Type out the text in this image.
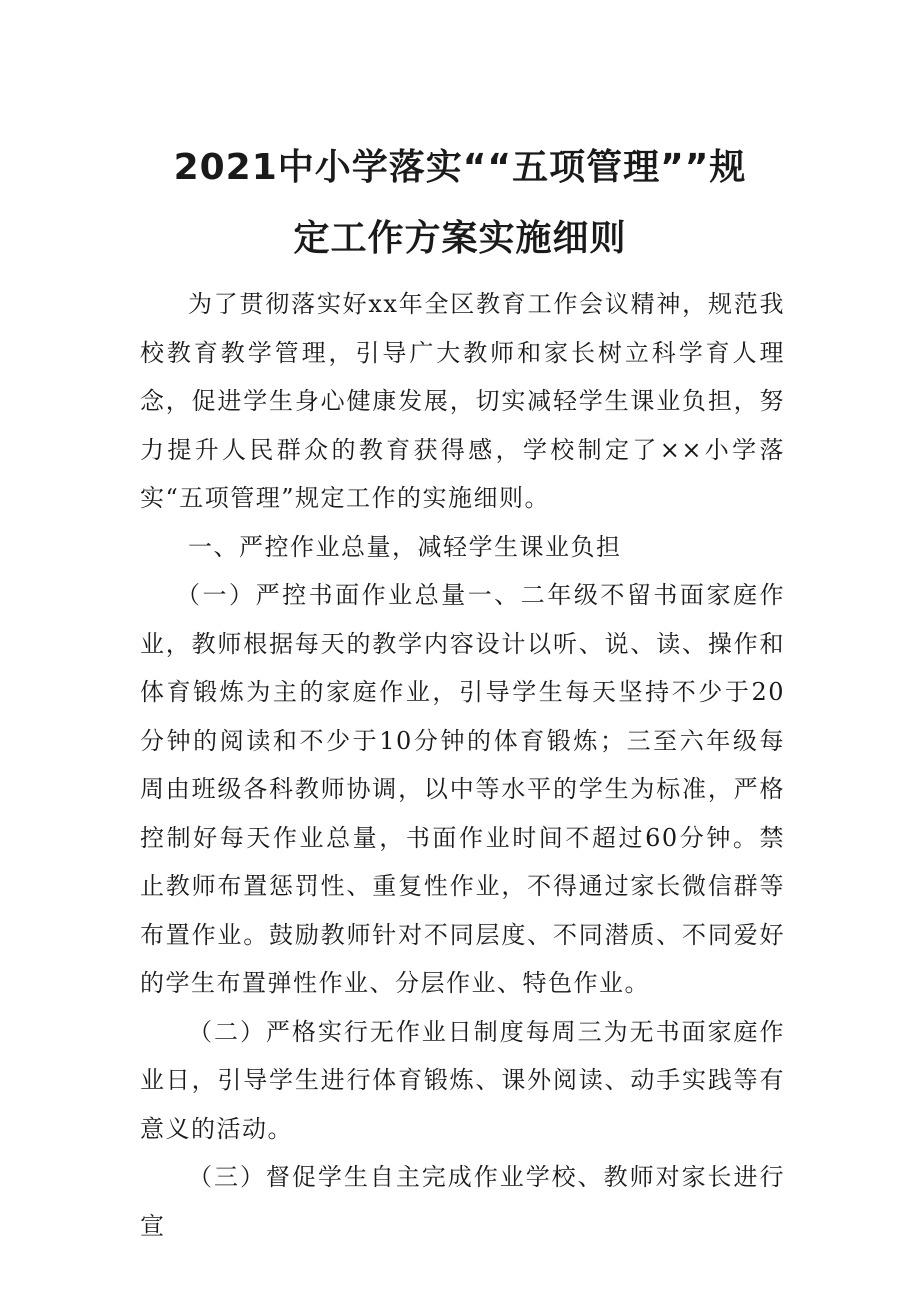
2021中小学落实““五项管理””规
定工作方案实施细则

为了贯彻落实好xx年全区教育工作会议精神，规范我校教育教学管理，引导广大教师和家长树立科学育人理念，促进学生身心健康发展，切实减轻学生课业负担，努力提升人民群众的教育获得感，学校制定了××小学落实“五项管理”规定工作的实施细则。

一、严控作业总量，减轻学生课业负担

（一）严控书面作业总量一、二年级不留书面家庭作业，教师根据每天的教学内容设计以听、说、读、操作和体育锻炼为主的家庭作业，引导学生每天坚持不少于20分钟的阅读和不少于10分钟的体育锻炼；三至六年级每周由班级各科教师协调，以中等水平的学生为标准，严格控制好每天作业总量，书面作业时间不超过60分钟。禁止教师布置惩罚性、重复性作业，不得通过家长微信群等布置作业。鼓励教师针对不同层度、不同潜质、不同爱好的学生布置弹性作业、分层作业、特色作业。

（二）严格实行无作业日制度每周三为无书面家庭作业日，引导学生进行体育锻炼、课外阅读、动手实践等有意义的活动。

（三）督促学生自主完成作业学校、教师对家长进行宣
